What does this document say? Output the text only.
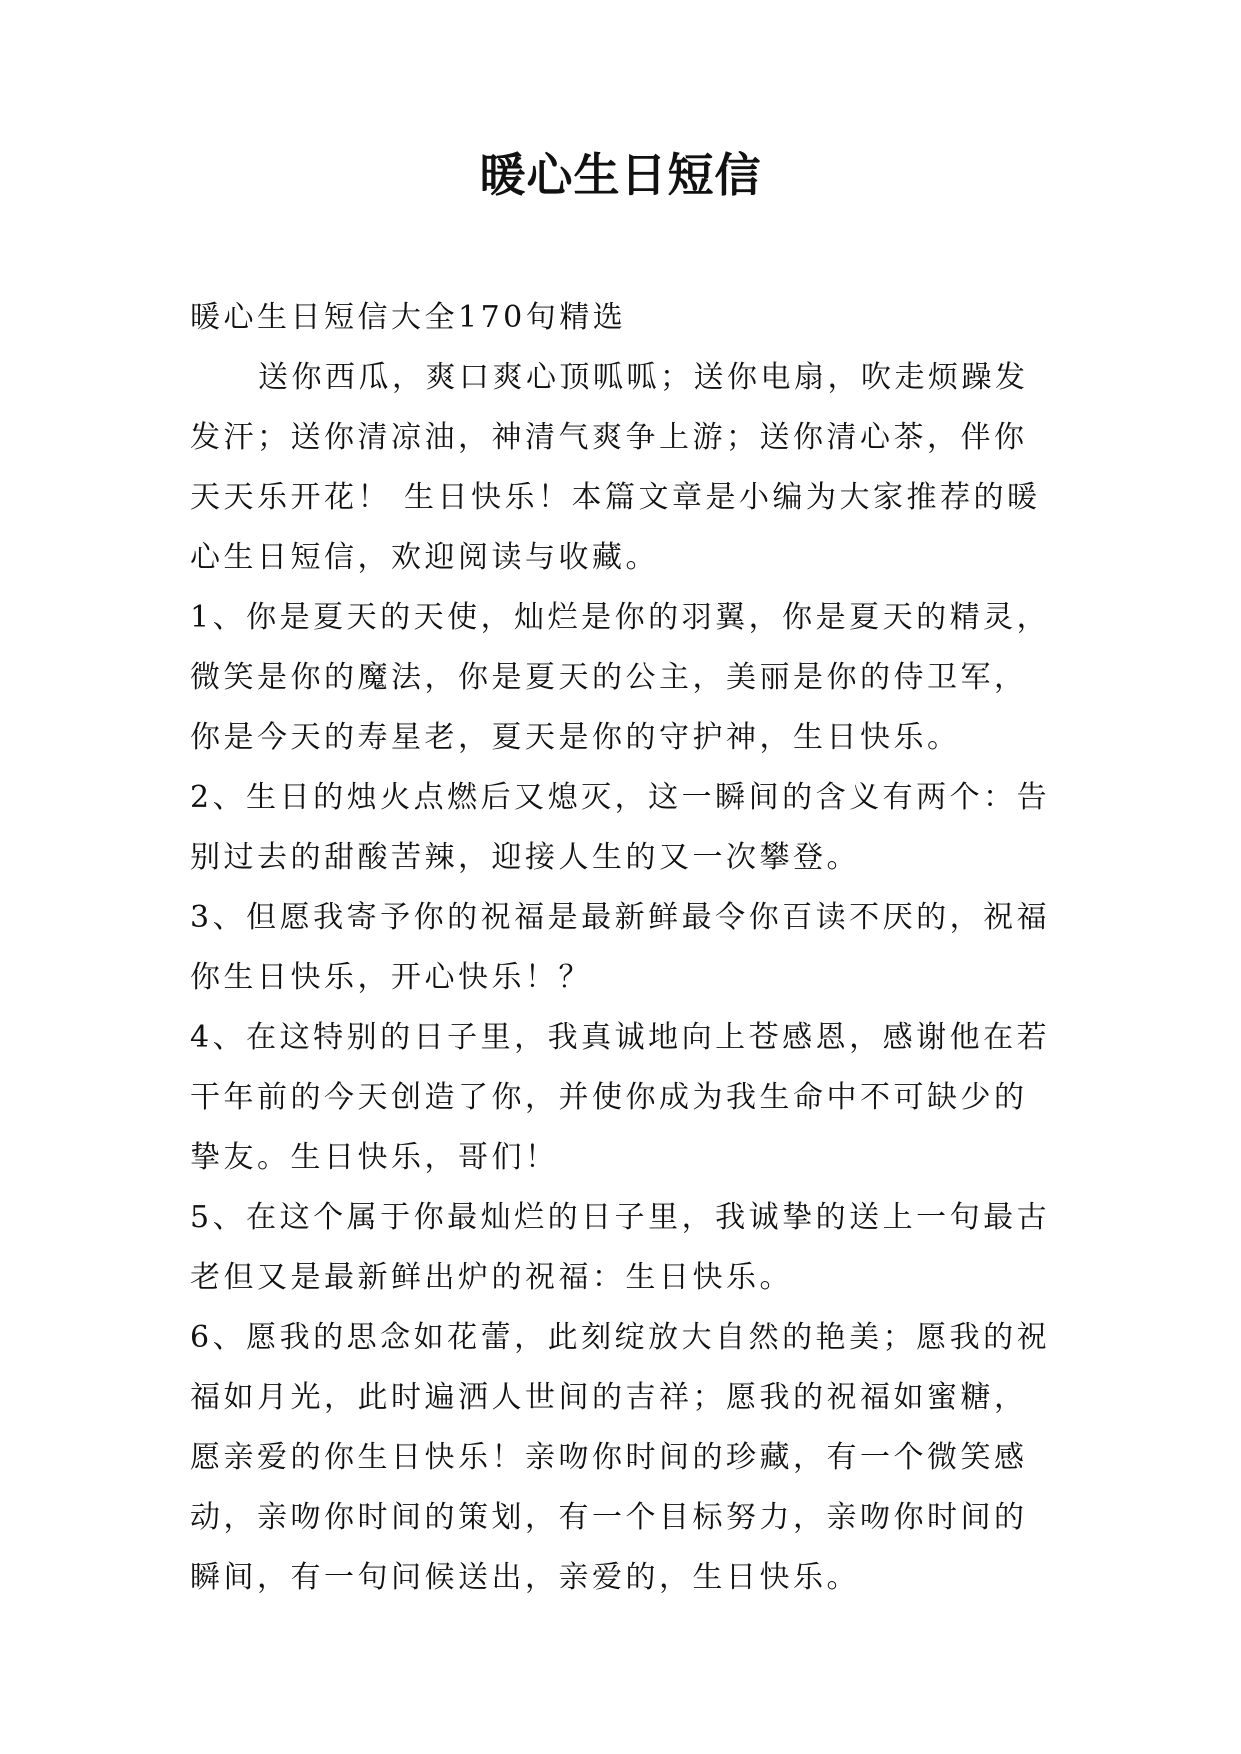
暖心生日短信

暖心生日短信大全170句精选

送你西瓜，爽口爽心顶呱呱；送你电扇，吹走烦躁发发汗；送你清凉油，神清气爽争上游；送你清心茶，伴你天天乐开花！ 生日快乐！本篇文章是小编为大家推荐的暖心生日短信，欢迎阅读与收藏。

1、你是夏天的天使，灿烂是你的羽翼，你是夏天的精灵，微笑是你的魔法，你是夏天的公主，美丽是你的侍卫军，你是今天的寿星老，夏天是你的守护神，生日快乐。

2、生日的烛火点燃后又熄灭，这一瞬间的含义有两个：告别过去的甜酸苦辣，迎接人生的又一次攀登。

3、但愿我寄予你的祝福是最新鲜最令你百读不厌的，祝福你生日快乐，开心快乐！？

4、在这特别的日子里，我真诚地向上苍感恩，感谢他在若干年前的今天创造了你，并使你成为我生命中不可缺少的挚友。生日快乐，哥们！

5、在这个属于你最灿烂的日子里，我诚挚的送上一句最古老但又是最新鲜出炉的祝福：生日快乐。

6、愿我的思念如花蕾，此刻绽放大自然的艳美；愿我的祝福如月光，此时遍洒人世间的吉祥；愿我的祝福如蜜糖，愿亲爱的你生日快乐！亲吻你时间的珍藏，有一个微笑感动，亲吻你时间的策划，有一个目标努力，亲吻你时间的瞬间，有一句问候送出，亲爱的，生日快乐。
